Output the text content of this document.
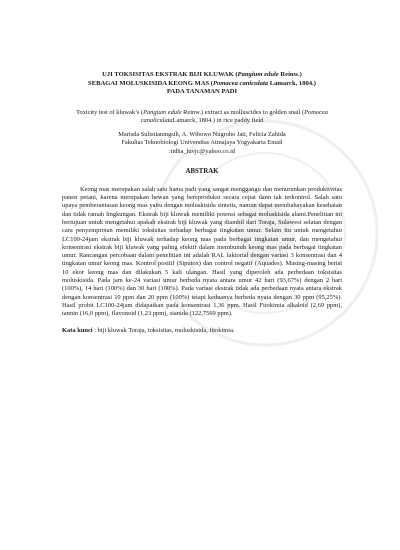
UJI TOKSISITAS EKSTRAK BIJI KLUWAK (Pangium edule Reinw.)
SEBAGAI MOLUSKISIDA KEONG MAS (Pomacea caniculata Lamarck, 1804.)
PADA TANAMAN PADI

Toxicity test of kluwak’s (Pangium edule Reinw.) extract as molluscides to golden snail (Pomacea canaliculataLamarck, 1804.) in rice paddy field

Marisda Sulistianingsih, A. Wibowo Nugroho Jati, Felicia Zahida
Fakultas Teknobiologi Universitas Atmajaya Yogyakarta Email
:tidha_luvjc@yahoo.co.id

ABSTRAK

Keong mas merupakan salah satu hama padi yang sangat menggangu dan menurunkan produktivitas panen petani, karena merupakan hewan yang bereproduksi secara cepat dann tak terkontrol. Salah satu upaya pemberantasan keong mas yaitu dengan moluskisida sintetis, namun dapat membahayakan kesehatan dan tidak ramah lingkungan. Ekstrak biji kluwak memiliki potensi sebagai moluskisida alami.Penelitian ini bertujuan untuk mengetahui apakah ekstrak biji kluwak yang diambil dari Toraja, Sulawesi selatan dengan cara penyemprotan memiliki toksisitas terhadap berbagai tingkatan umur. Selain itu untuk mengetahui LC100-24jam ekstrak biji kluwak terhadap keong mas pada berbagai tingkatan umur, dan mengetahui konsentrasi ekstrak biji kluwak yang paling efektif dalam membunuh keong mas pada berbagai tingkatan umur. Rancangan percobaan dalam penelitian ini adalah RAL faktorial dengan variasi 3 konsentrasi dan 4 tingkatan umur keong mas. Kontrol positif (Siputox) dan control negatif (Aquades). Masing-masing berisi 10 ekor keong mas dan dilakukan 5 kali ulangan. Hasil yang diperoleh ada perbedaan toksisitas moluskisida. Pada jam ke-24 variasi umur berbeda nyata antara umur 42 hari (93,67%) dengan 2 hari (100%), 14 hari (100%) dan 30 hari (100%). Pada variasi ekstrak tidak ada perbedaan nyata antara ekstrak dengan konsentrasi 10 ppm dan 20 ppm (100%) tetapi keduanya berbeda nyata dengan 30 ppm (95,25%). Hasil probit LC100-24jam didapatkan pada konsentrasi 1,36 ppm. Hasil Fitokimia alkaloid (2,69 ppm), tannin (16,0 ppm), flavonoid (1,23 ppm), sianida (122,7569 ppm).

Kata kunci : biji kluwak Toraja, toksisitas, moluskisida, fitokimia.
